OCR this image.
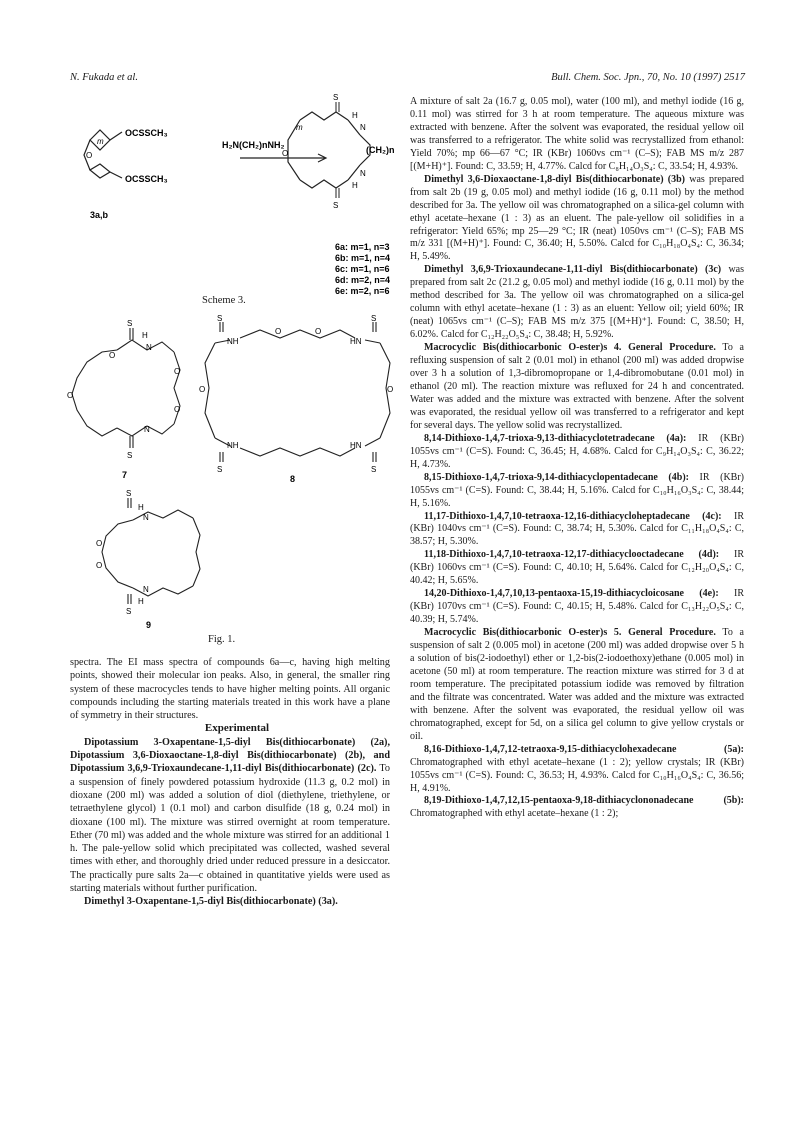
N. Fukada et al.	Bull. Chem. Soc. Jpn., 70, No. 10 (1997) 2517
OCSSCH₃
OCSSCH₃
m
O
3a,b
H₂N(CH₂)nNH₂
S
S
O
m
H
N
H
N
(CH₂)n
6a: m=1, n=3
6b: m=1, n=4
6c: m=1, n=6
6d: m=2, n=4
6e: m=2, n=6
Scheme 3.
S
H
N
O
O
O
O
N
S
7
S	S
NH	HN
O	O
O	O
NH	HN
S	S
8
S
H
N
O
O
N
H
S
9
Fig. 1.

spectra. The EI mass spectra of compounds 6a—c, having high melting points, showed their molecular ion peaks. Also, in general, the smaller ring system of these macrocycles tends to have higher melting points. All organic compounds including the starting materials treated in this work have a plane of symmetry in their structures.

Experimental

Dipotassium 3-Oxapentane-1,5-diyl Bis(dithiocarbonate) (2a), Dipotassium 3,6-Dioxaoctane-1,8-diyl Bis(dithiocarbonate) (2b), and Dipotassium 3,6,9-Trioxaundecane-1,11-diyl Bis(dithiocarbonate) (2c). To a suspension of finely powdered potassium hydroxide (11.3 g, 0.2 mol) in dioxane (200 ml) was added a solution of diol (diethylene, triethylene, or tetraethylene glycol) 1 (0.1 mol) and carbon disulfide (18 g, 0.24 mol) in dioxane (100 ml). The mixture was stirred overnight at room temperature. Ether (70 ml) was added and the whole mixture was stirred for an additional 1 h. The pale-yellow solid which precipitated was collected, washed several times with ether, and thoroughly dried under reduced pressure in a desiccator. The practically pure salts 2a—c obtained in quantitative yields were used as starting materials without further purification.

Dimethyl 3-Oxapentane-1,5-diyl Bis(dithiocarbonate) (3a).

A mixture of salt 2a (16.7 g, 0.05 mol), water (100 ml), and methyl iodide (16 g, 0.11 mol) was stirred for 3 h at room temperature. The aqueous mixture was extracted with benzene. After the solvent was evaporated, the residual yellow oil was transferred to a refrigerator. The white solid was recrystallized from ethanol: Yield 70%; mp 66—67 °C; IR (KBr) 1060vs cm⁻¹ (C–S); FAB MS m/z 287 [(M+H)⁺]. Found: C, 33.59; H, 4.77%. Calcd for C₈H₁₄O₃S₄: C, 33.54; H, 4.93%.

Dimethyl 3,6-Dioxaoctane-1,8-diyl Bis(dithiocarbonate) (3b) was prepared from salt 2b (19 g, 0.05 mol) and methyl iodide (16 g, 0.11 mol) by the method described for 3a. The yellow oil was chromatographed on a silica-gel column with ethyl acetate–hexane (1 : 3) as an eluent. The pale-yellow oil solidifies in a refrigerator: Yield 65%; mp 25—29 °C; IR (neat) 1050vs cm⁻¹ (C–S); FAB MS m/z 331 [(M+H)⁺]. Found: C, 36.40; H, 5.50%. Calcd for C₁₀H₁₈O₄S₄: C, 36.34; H, 5.49%.

Dimethyl 3,6,9-Trioxaundecane-1,11-diyl Bis(dithiocarbonate) (3c) was prepared from salt 2c (21.2 g, 0.05 mol) and methyl iodide (16 g, 0.11 mol) by the method described for 3a. The yellow oil was chromatographed on a silica-gel column with ethyl acetate–hexane (1 : 3) as an eluent: Yellow oil; yield 60%; IR (neat) 1065vs cm⁻¹ (C–S); FAB MS m/z 375 [(M+H)⁺]. Found: C, 38.50; H, 6.02%. Calcd for C₁₂H₂₂O₅S₄: C, 38.48; H, 5.92%.

Macrocyclic Bis(dithiocarbonic O-ester)s 4. General Procedure. To a refluxing suspension of salt 2 (0.01 mol) in ethanol (200 ml) was added dropwise over 3 h a solution of 1,3-dibromopropane or 1,4-dibromobutane (0.01 mol) in ethanol (20 ml). The reaction mixture was refluxed for 24 h and concentrated. Water was added and the mixture was extracted with benzene. After the solvent was evaporated, the residual yellow oil was transferred to a refrigerator and kept for several days. The yellow solid was recrystallized.

8,14-Dithioxo-1,4,7-trioxa-9,13-dithiacyclotetradecane (4a): IR (KBr) 1055vs cm⁻¹ (C=S). Found: C, 36.45; H, 4.68%. Calcd for C₉H₁₄O₃S₄: C, 36.22; H, 4.73%.

8,15-Dithioxo-1,4,7-trioxa-9,14-dithiacyclopentadecane (4b): IR (KBr) 1055vs cm⁻¹ (C=S). Found: C, 38.44; H, 5.16%. Calcd for C₁₀H₁₆O₃S₄: C, 38.44; H, 5.16%.

11,17-Dithioxo-1,4,7,10-tetraoxa-12,16-dithiacycloheptadecane (4c): IR (KBr) 1040vs cm⁻¹ (C=S). Found: C, 38.74; H, 5.30%. Calcd for C₁₁H₁₈O₄S₄: C, 38.57; H, 5.30%.

11,18-Dithioxo-1,4,7,10-tetraoxa-12,17-dithiacyclooctadecane (4d): IR (KBr) 1060vs cm⁻¹ (C=S). Found: C, 40.10; H, 5.64%. Calcd for C₁₂H₂₀O₄S₄: C, 40.42; H, 5.65%.

14,20-Dithioxo-1,4,7,10,13-pentaoxa-15,19-dithiacycloicosane (4e): IR (KBr) 1070vs cm⁻¹ (C=S). Found: C, 40.15; H, 5.48%. Calcd for C₁₃H₂₂O₅S₄: C, 40.39; H, 5.74%.

Macrocyclic Bis(dithiocarbonic O-ester)s 5. General Procedure. To a suspension of salt 2 (0.005 mol) in acetone (200 ml) was added dropwise over 5 h a solution of bis(2-iodoethyl) ether or 1,2-bis(2-iodoethoxy)ethane (0.005 mol) in acetone (50 ml) at room temperature. The reaction mixture was stirred for 3 d at room temperature. The precipitated potassium iodide was removed by filtration and the filtrate was concentrated. Water was added and the mixture was extracted with benzene. After the solvent was evaporated, the residual yellow oil was chromatographed, except for 5d, on a silica gel column to give yellow crystals or oil.

8,16-Dithioxo-1,4,7,12-tetraoxa-9,15-dithiacyclohexadecane (5a): Chromatographed with ethyl acetate–hexane (1 : 2); yellow crystals; IR (KBr) 1055vs cm⁻¹ (C=S). Found: C, 36.53; H, 4.93%. Calcd for C₁₀H₁₆O₄S₄: C, 36.56; H, 4.91%.

8,19-Dithioxo-1,4,7,12,15-pentaoxa-9,18-dithiacyclononadecane (5b): Chromatographed with ethyl acetate–hexane (1 : 2);
